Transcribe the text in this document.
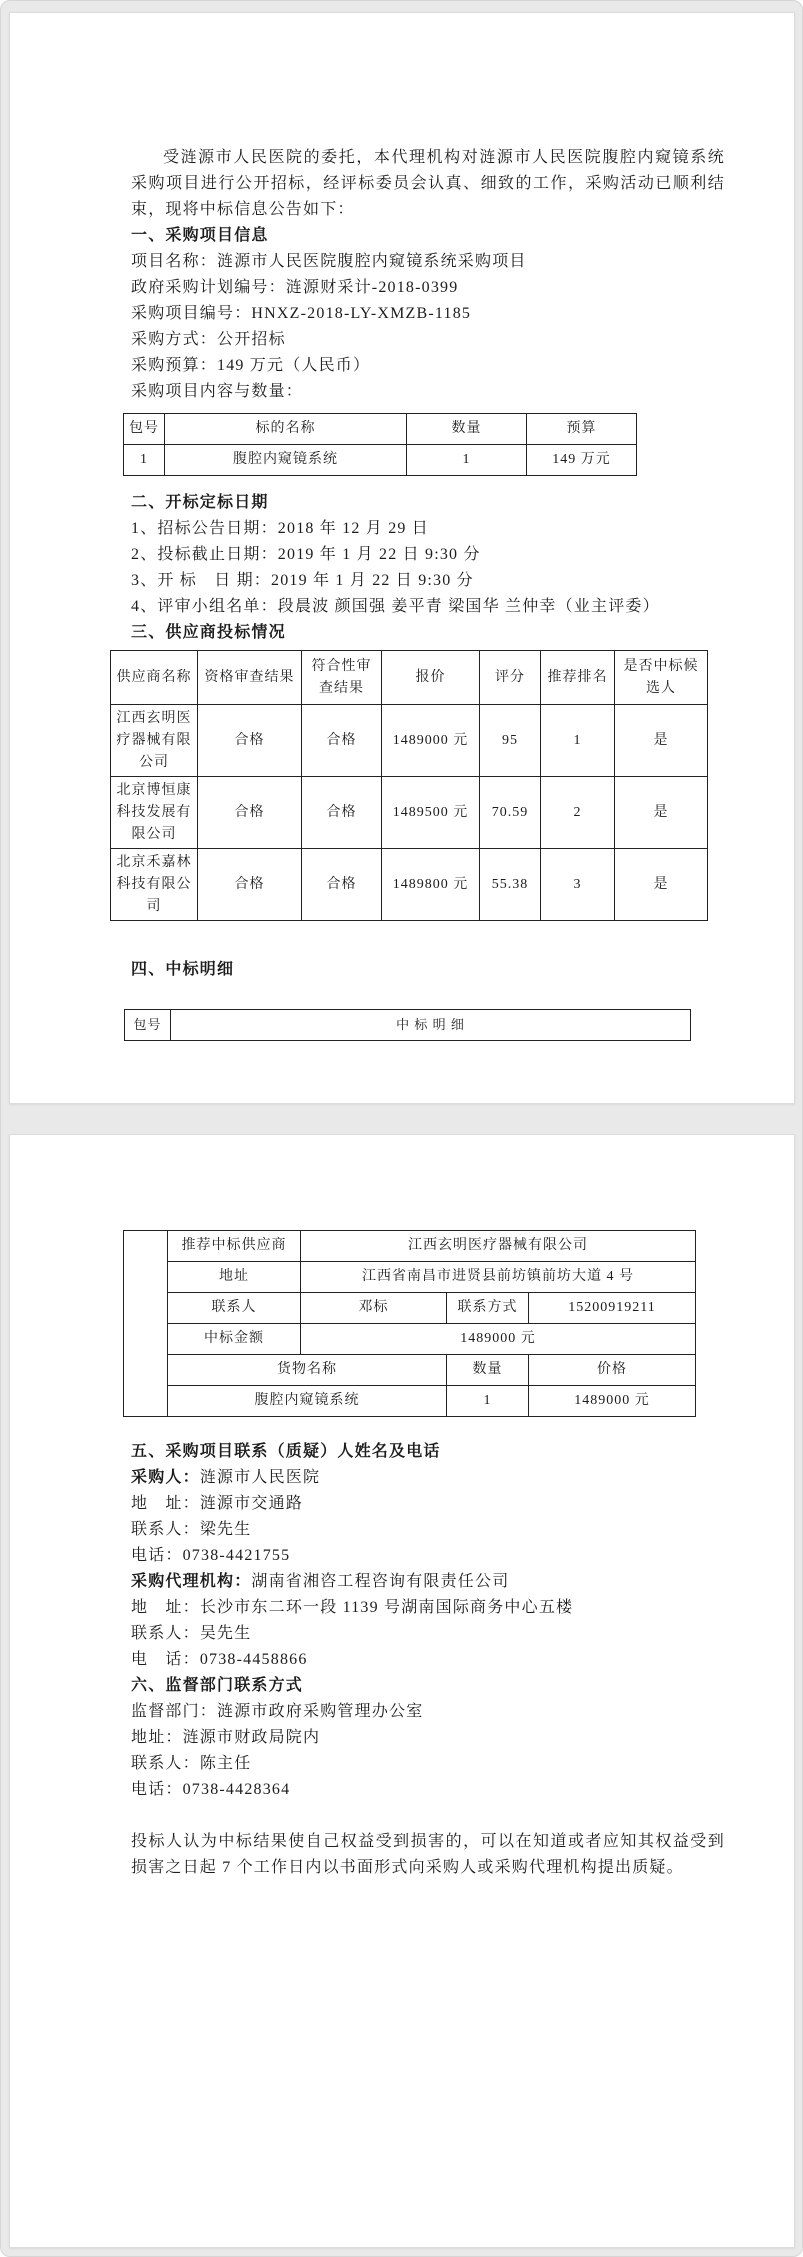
受涟源市人民医院的委托，本代理机构对涟源市人民医院腹腔内窥镜系统采购项目进行公开招标，经评标委员会认真、细致的工作，采购活动已顺利结束，现将中标信息公告如下：

一、采购项目信息

项目名称：涟源市人民医院腹腔内窥镜系统采购项目

政府采购计划编号：涟源财采计-2018-0399

采购项目编号：HNXZ-2018-LY-XMZB-1185

采购方式：公开招标

采购预算：149 万元（人民币）

采购项目内容与数量：

包号	标的名称	数量	预算
1	腹腔内窥镜系统	1	149 万元
二、开标定标日期

1、招标公告日期：2018 年 12 月 29 日

2、投标截止日期：2019 年 1 月 22 日 9:30 分

3、开 标　日 期：2019 年 1 月 22 日 9:30 分

4、评审小组名单：段晨波 颜国强 姜平青 梁国华 兰仲幸（业主评委）

三、供应商投标情况
供应商名称	资格审查结果	符合性审查结果	报价	评分	推荐排名	是否中标候选人
江西玄明医疗器械有限公司	合格	合格	1489000 元	95	1	是
北京博恒康科技发展有限公司	合格	合格	1489500 元	70.59	2	是
北京禾嘉林科技有限公司	合格	合格	1489800 元	55.38	3	是
四、中标明细
包号	中 标 明 细
	推荐中标供应商	江西玄明医疗器械有限公司		
	地址	江西省南昌市进贤县前坊镇前坊大道 4 号		
	联系人	邓标	联系方式	15200919211
	中标金额	1489000 元		
	货物名称		数量	价格
	腹腔内窥镜系统		1	1489000 元
五、采购项目联系（质疑）人姓名及电话

采购人：涟源市人民医院

地　址：涟源市交通路

联系人：梁先生

电话：0738-4421755

采购代理机构：湖南省湘咨工程咨询有限责任公司

地　址：长沙市东二环一段 1139 号湖南国际商务中心五楼

联系人：吴先生

电　话：0738-4458866

六、监督部门联系方式

监督部门：涟源市政府采购管理办公室

地址：涟源市财政局院内

联系人：陈主任

电话：0738-4428364

投标人认为中标结果使自己权益受到损害的，可以在知道或者应知其权益受到损害之日起 7 个工作日内以书面形式向采购人或采购代理机构提出质疑。
